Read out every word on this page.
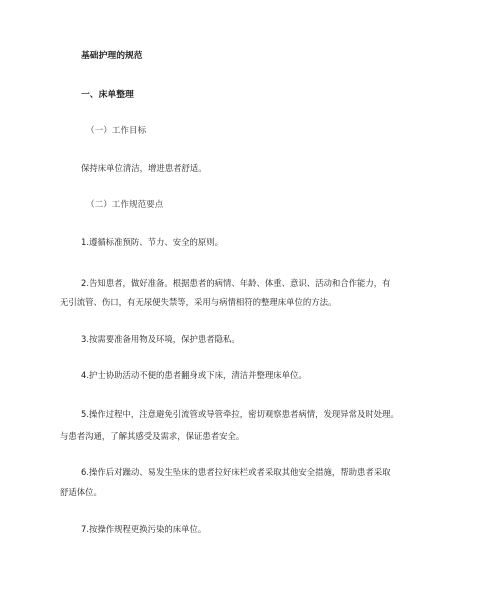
基础护理的规范
一、床单整理
（一）工作目标
保持床单位清洁，增进患者舒适。
（二）工作规范要点
1.遵循标准预防、节力、安全的原则。
2.告知患者，做好准备。根据患者的病情、年龄、体重、意识、活动和合作能力，有
无引流管、伤口，有无尿便失禁等，采用与病情相符的整理床单位的方法。
3.按需要准备用物及环境，保护患者隐私。
4.护士协助活动不便的患者翻身或下床，清洁并整理床单位。
5.操作过程中，注意避免引流管或导管牵拉，密切观察患者病情，发现异常及时处理。
与患者沟通，了解其感受及需求，保证患者安全。
6.操作后对躁动、易发生坠床的患者拉好床栏或者采取其他安全措施，帮助患者采取
舒适体位。
7.按操作规程更换污染的床单位。
